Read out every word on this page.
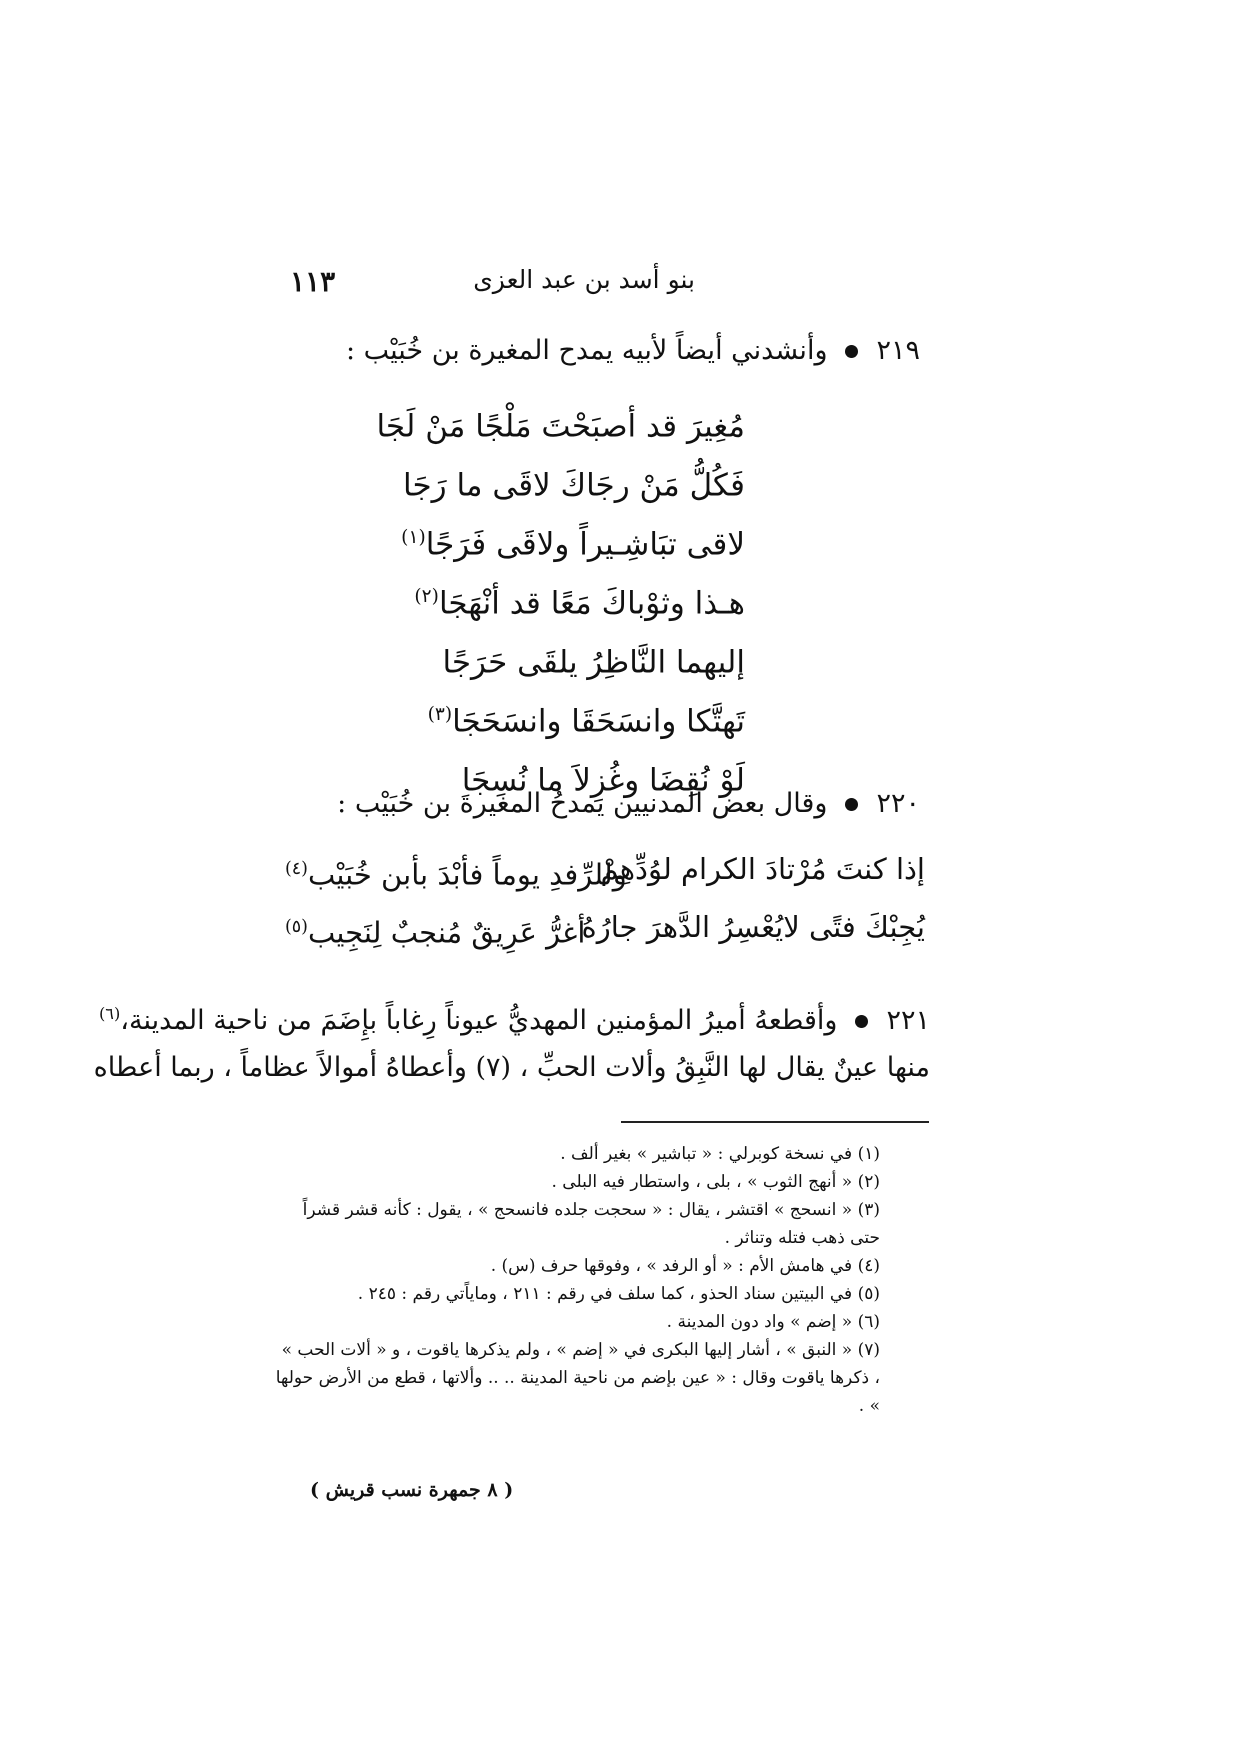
بنو أسد بن عبد العزى
١١٣
٢١٩وأنشدني أيضاً لأبيه يمدح المغيرة بن خُبَيْب :
مُغِيرَ قد أصبَحْتَ مَلْجًا مَنْ لَجَا
فَكُلُّ مَنْ رجَاكَ لاقَى ما رَجَا
لاقى تبَاشِـيراً ولاقَى فَرَجًا$^{(١)}$
هـذا وثوْباكَ مَعًا قد أنْهَجَا$^{(٢)}$
إليهما النَّاظِرُ يلقَى حَرَجًا
تَهتَّكا وانسَحَقَا وانسَحَجَا$^{(٣)}$
لَوْ نُقِضَا وغُزِلاَ ما نُسِجَا
٢٢٠وقال بعض المدنيين يمدحُ المغيرةَ بن خُبَيْب :
إذا كنتَ مُرْتادَ الكرام لوُدِّهِمْ
وللرِّفدِ يوماً فأبْدَ بأبن خُبَيْب$^{(٤)}$
يُجِبْكَ فتًى لايُعْسِرُ الدَّهرَ جارُهُ
أغرُّ عَرِيقٌ مُنجبٌ لِنَجِيب$^{(٥)}$
٢٢١وأقطعهُ أميرُ المؤمنين المهديُّ عيوناً رِغاباً بإِضَمَ من ناحية المدينة،$^{(٦)}$
منها عينٌ يقال لها النَّبِقُ وألات الحبِّ ، (٧) وأعطاهُ أموالاً عظاماً ، ربما أعطاه
(١) في نسخة كوبرلي : « تباشير » بغير ألف .
(٢) « أنهج الثوب » ، بلى ، واستطار فيه البلى .
(٣) « انسحج » اقتشر ، يقال : « سحجت جلده فانسحج » ، يقول : كأنه قشر قشراً حتى ذهب فتله وتناثر .
(٤) في هامش الأم : « أو الرفد » ، وفوقها حرف (س) .
(٥) في البيتين سناد الحذو ، كما سلف في رقم : ٢١١ ، وماياًتي رقم : ٢٤٥ .
(٦) « إضم » واد دون المدينة .
(٧) « النبق » ، أشار إليها البكرى في « إضم » ، ولم يذكرها ياقوت ، و « ألات الحب » ، ذكرها ياقوت وقال : « عين بإضم من ناحية المدينة .. .. وألاتها ، قطع من الأرض حولها » .
( ٨ جمهرة نسب قريش )
